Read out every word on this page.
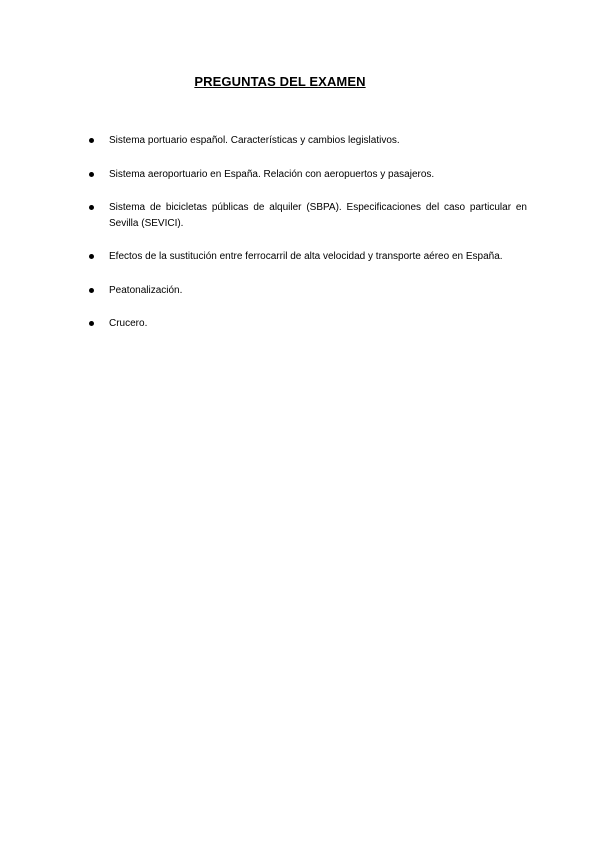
PREGUNTAS DEL EXAMEN
Sistema portuario español. Características y cambios legislativos.
Sistema aeroportuario en España. Relación con aeropuertos y pasajeros.
Sistema de bicicletas públicas de alquiler (SBPA). Especificaciones del caso particular en Sevilla (SEVICI).
Efectos de la sustitución entre ferrocarril de alta velocidad y transporte aéreo en España.
Peatonalización.
Crucero.
